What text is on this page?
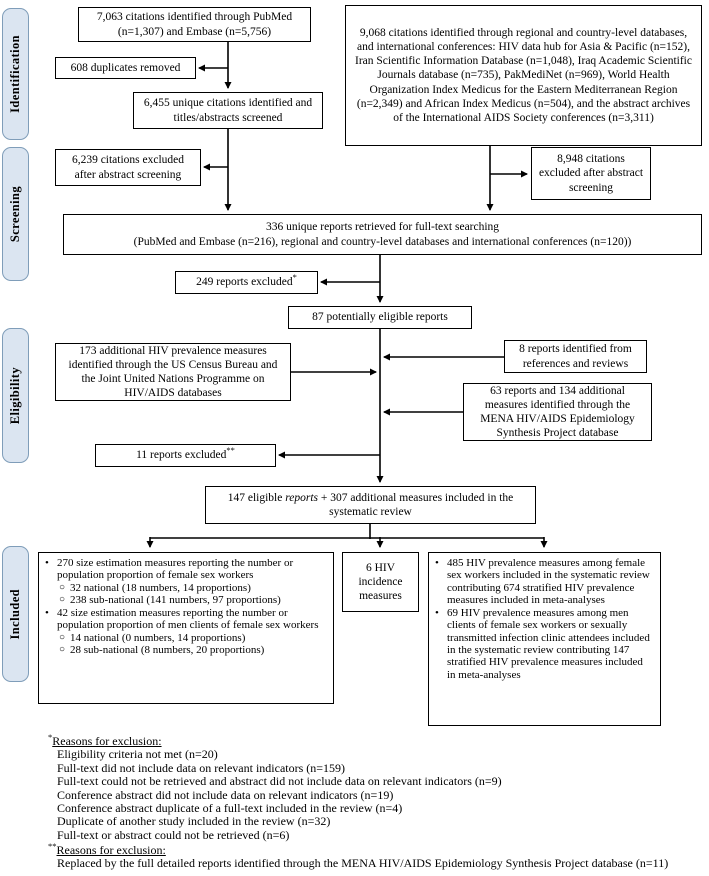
Identification
Screening
Eligibility
Included
7,063 citations identified through PubMed
(n=1,307) and Embase (n=5,756)	9,068 citations identified through regional and country-level databases, and international conferences: HIV data hub for Asia & Pacific (n=152), Iran Scientific Information Database (n=1,048), Iraq Academic Scientific Journals database (n=735), PakMediNet (n=969), World Health Organization Index Medicus for the Eastern Mediterranean Region (n=2,349) and African Index Medicus (n=504), and the abstract archives of the International AIDS Society conferences (n=3,311)
608 duplicates removed
6,455 unique citations identified and titles/abstracts screened
6,239 citations excluded after abstract screening
8,948 citations excluded after abstract screening
336 unique reports retrieved for full-text searching
(PubMed and Embase (n=216), regional and country-level databases and international conferences (n=120))
249 reports excluded*
87 potentially eligible reports
173 additional HIV prevalence measures identified through the US Census Bureau and the Joint United Nations Programme on HIV/AIDS databases
8 reports identified from references and reviews
63 reports and 134 additional measures identified through the MENA HIV/AIDS Epidemiology Synthesis Project database
11 reports excluded**
147 eligible reports + 307 additional measures included in the systematic review
• 270 size estimation measures reporting the number or population proportion of female sex workers
○ 32 national (18 numbers, 14 proportions)
○ 238 sub-national (141 numbers, 97 proportions)
• 42 size estimation measures reporting the number or population proportion of men clients of female sex workers
○ 14 national (0 numbers, 14 proportions)
○ 28 sub-national (8 numbers, 20 proportions)
6 HIV incidence measures
• 485 HIV prevalence measures among female sex workers included in the systematic review contributing 674 stratified HIV prevalence measures included in meta-analyses
• 69 HIV prevalence measures among men clients of female sex workers or sexually transmitted infection clinic attendees included in the systematic review contributing 147 stratified HIV prevalence measures included in meta-analyses
*Reasons for exclusion:
Eligibility criteria not met (n=20)
Full-text did not include data on relevant indicators (n=159)
Full-text could not be retrieved and abstract did not include data on relevant indicators (n=9)
Conference abstract did not include data on relevant indicators (n=19)
Conference abstract duplicate of a full-text included in the review (n=4)
Duplicate of another study included in the review (n=32)
Full-text or abstract could not be retrieved (n=6)
**Reasons for exclusion:
Replaced by the full detailed reports identified through the MENA HIV/AIDS Epidemiology Synthesis Project database (n=11)
